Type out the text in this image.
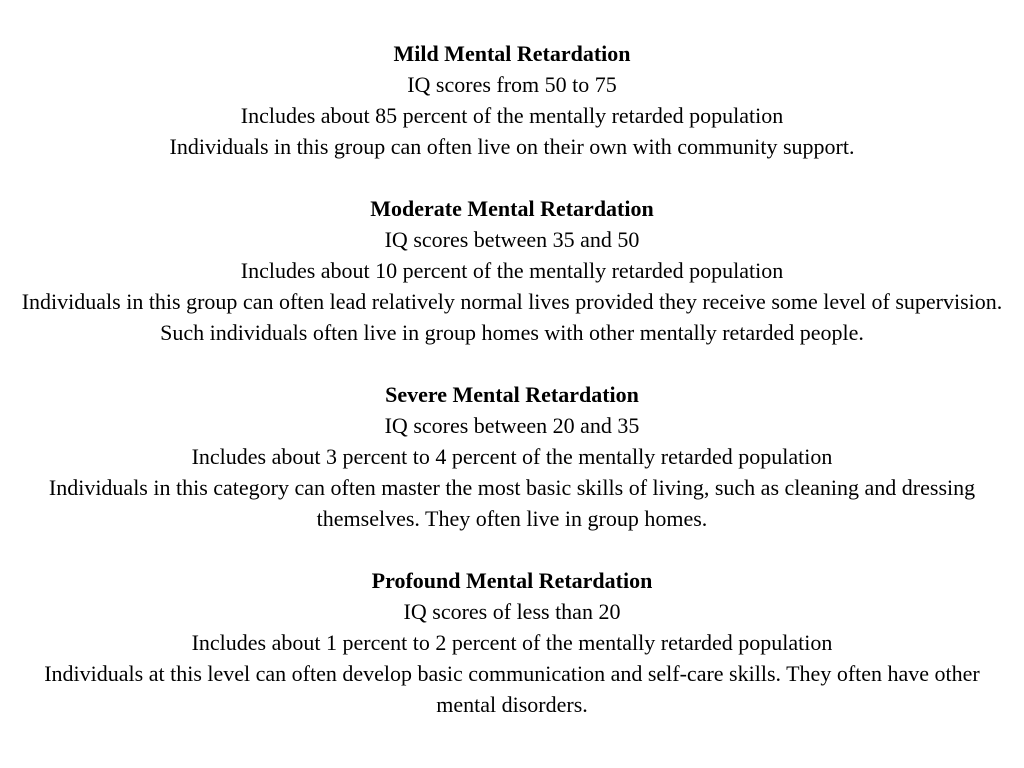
Mild Mental Retardation

IQ scores from 50 to 75

Includes about 85 percent of the mentally retarded population

Individuals in this group can often live on their own with community support.

Moderate Mental Retardation

IQ scores between 35 and 50

Includes about 10 percent of the mentally retarded population

Individuals in this group can often lead relatively normal lives provided they receive some level of supervision. Such individuals often live in group homes with other mentally retarded people.

Severe Mental Retardation

IQ scores between 20 and 35

Includes about 3 percent to 4 percent of the mentally retarded population

Individuals in this category can often master the most basic skills of living, such as cleaning and dressing themselves. They often live in group homes.

Profound Mental Retardation

IQ scores of less than 20

Includes about 1 percent to 2 percent of the mentally retarded population

Individuals at this level can often develop basic communication and self-care skills. They often have other mental disorders.
